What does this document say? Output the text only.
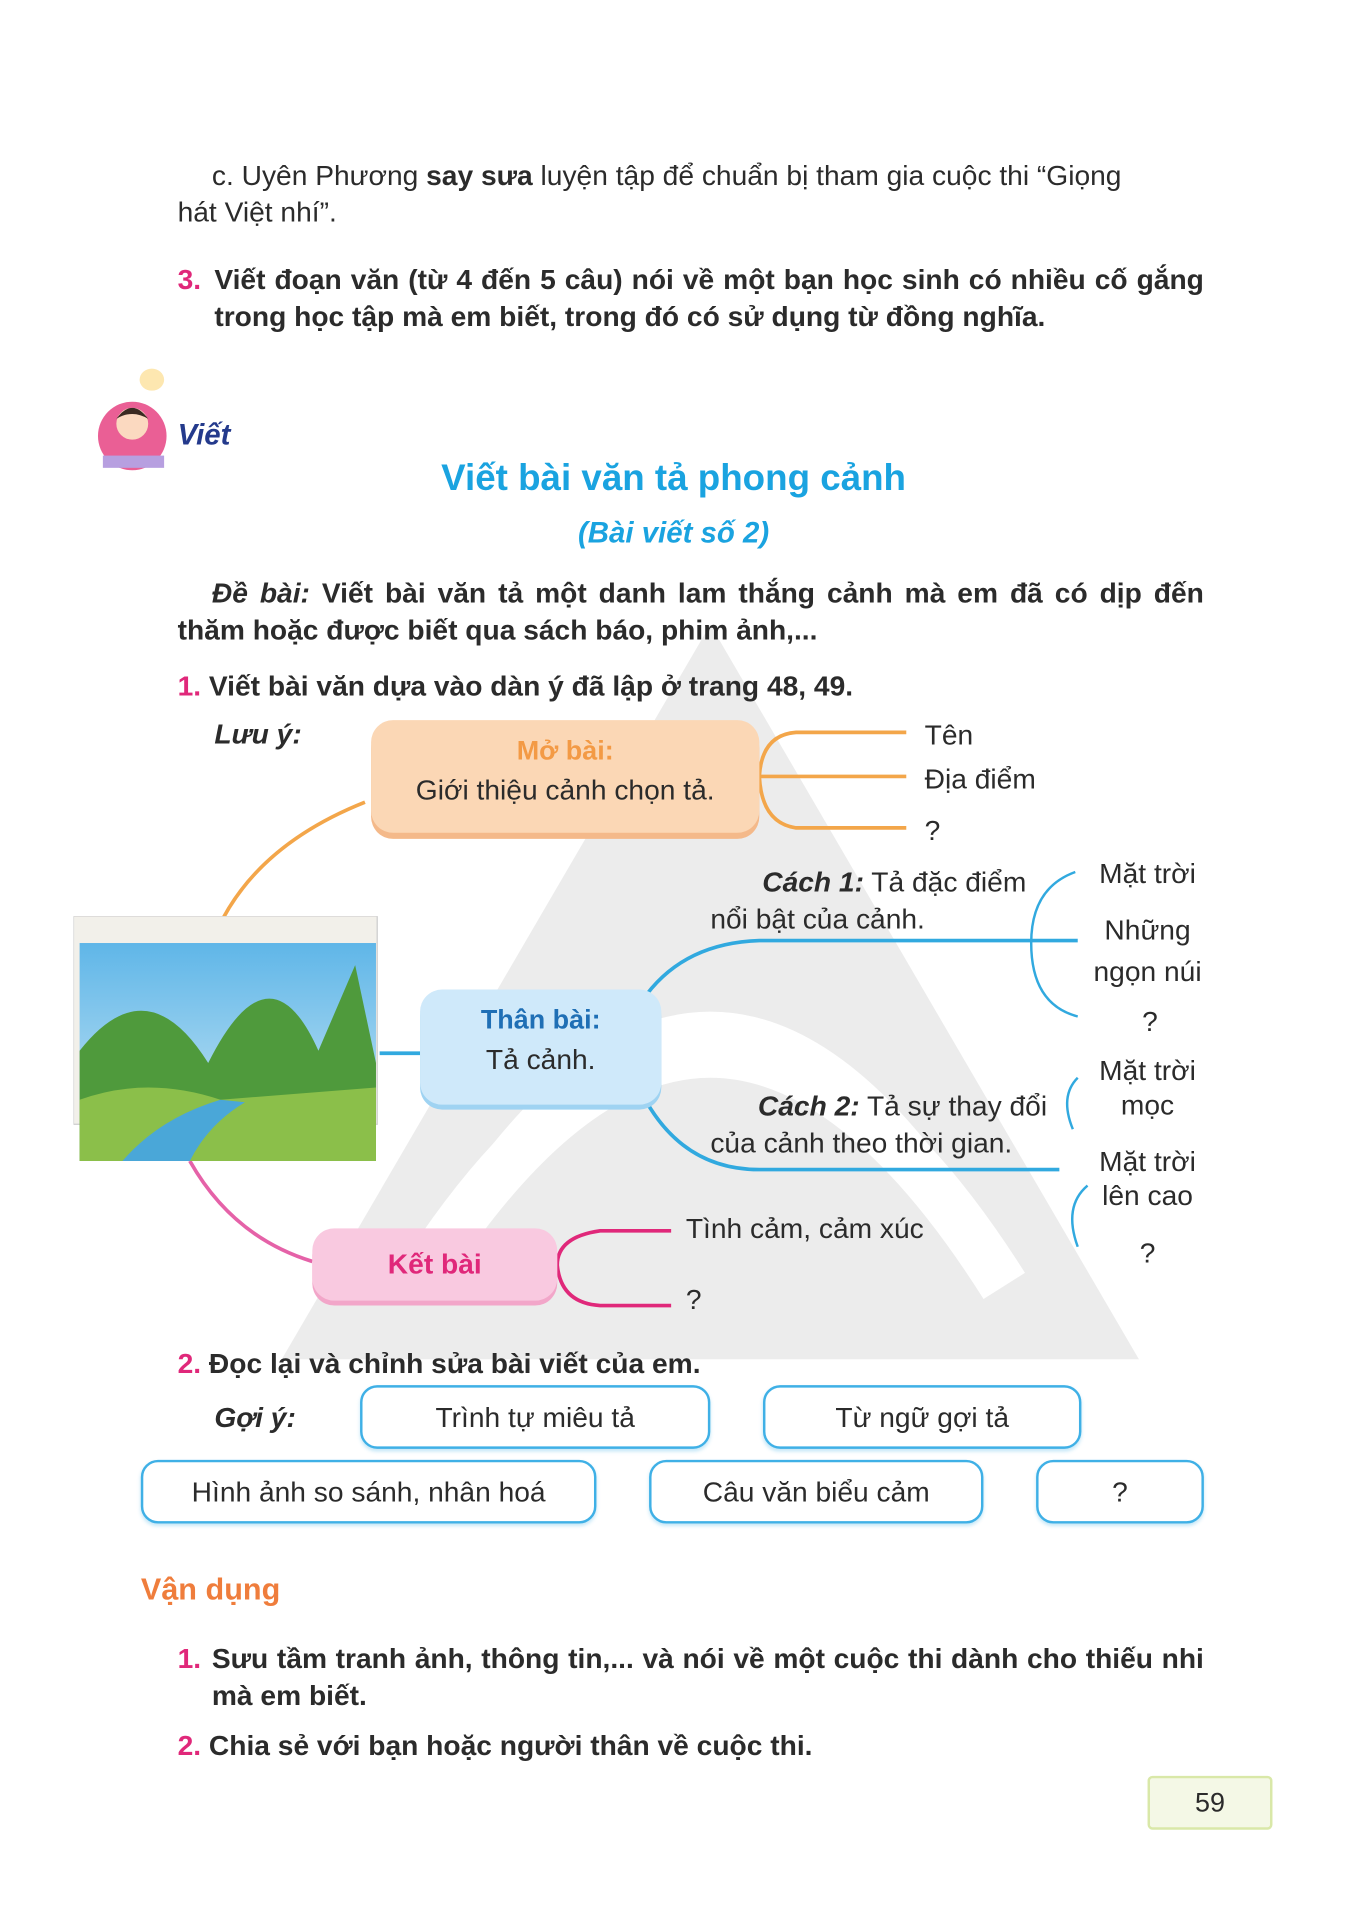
c. Uyên Phương say sưa luyện tập để chuẩn bị tham gia cuộc thi “Giọng
hát Việt nhí”.
3. Viết đoạn văn (từ 4 đến 5 câu) nói về một bạn học sinh có nhiều cố gắng trong học tập mà em biết, trong đó có sử dụng từ đồng nghĩa.
Viết
Viết bài văn tả phong cảnh
(Bài viết số 2)
Đề bài: Viết bài văn tả một danh lam thắng cảnh mà em đã có dịp đến thăm hoặc được biết qua sách báo, phim ảnh,...
1. Viết bài văn dựa vào dàn ý đã lập ở trang 48, 49.
Lưu ý:
Mở bài:
Giới thiệu cảnh chọn tả.
Tên
Địa điểm
?
Thân bài:
Tả cảnh.
Cách 1: Tả đặc điểm
nổi bật của cảnh.
Cách 2: Tả sự thay đổi
của cảnh theo thời gian.
Mặt trời
Những ngọn núi
?
Mặt trời mọc
Mặt trời lên cao
?
Kết bài
Tình cảm, cảm xúc
?
2. Đọc lại và chỉnh sửa bài viết của em.
Gợi ý:	Trình tự miêu tả	Từ ngữ gợi tả
Hình ảnh so sánh, nhân hoá	Câu văn biểu cảm	?
Vận dụng
1. Sưu tầm tranh ảnh, thông tin,... và nói về một cuộc thi dành cho thiếu nhi mà em biết.
2. Chia sẻ với bạn hoặc người thân về cuộc thi.
59
